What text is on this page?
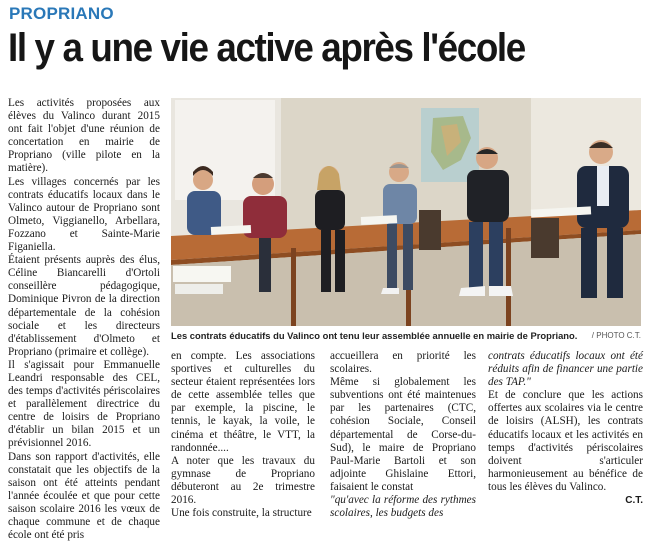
PROPRIANO
Il y a une vie active après l'école

Les activités proposées aux élèves du Valinco durant 2015 ont fait l'objet d'une réunion de concertation en mairie de Propriano (ville pilote en la matière).

Les villages concernés par les contrats éducatifs locaux dans le Valinco autour de Propriano sont Olmeto, Viggianello, Arbellara, Fozzano et Sainte-Marie Figaniella.

Étaient présents auprès des élus, Céline Biancarelli d'Ortoli conseillère pédagogique, Dominique Pivron de la direction départementale de la cohésion sociale et les directeurs d'établissement d'Olmeto et Propriano (primaire et collège).

Il s'agissait pour Emmanuelle Leandri responsable des CEL, des temps d'activités périscolaires et parallèlement directrice du centre de loisirs de Propriano d'établir un bilan 2015 et un prévisionnel 2016.

Dans son rapport d'activités, elle constatait que les objectifs de la saison ont été atteints pendant l'année écoulée et que pour cette saison scolaire 2016 les vœux de chaque commune et de chaque école ont été pris

Les contrats éducatifs du Valinco ont tenu leur assemblée annuelle en mairie de Propriano. / PHOTO C.T.

en compte. Les associations sportives et culturelles du secteur étaient représentées lors de cette assemblée telles que par exemple, la piscine, le tennis, le kayak, la voile, le cinéma et théâtre, le VTT, la randonnée....

A noter que les travaux du gymnase de Propriano débuteront au 2e trimestre 2016.

Une fois construite, la structure

accueillera en priorité les scolaires.

Même si globalement les subventions ont été maintenues par les partenaires (CTC, cohésion Sociale, Conseil départemental de Corse-du-Sud), le maire de Propriano Paul-Marie Bartoli et son adjointe Ghislaine Ettori, faisaient le constat

"qu'avec la réforme des rythmes scolaires, les budgets des

contrats éducatifs locaux ont été réduits afin de financer une partie des TAP."

Et de conclure que les actions offertes aux scolaires via le centre de loisirs (ALSH), les contrats éducatifs locaux et les activités en temps d'activités périscolaires doivent s'articuler harmonieusement au bénéfice de tous les élèves du Valinco.

C.T.
